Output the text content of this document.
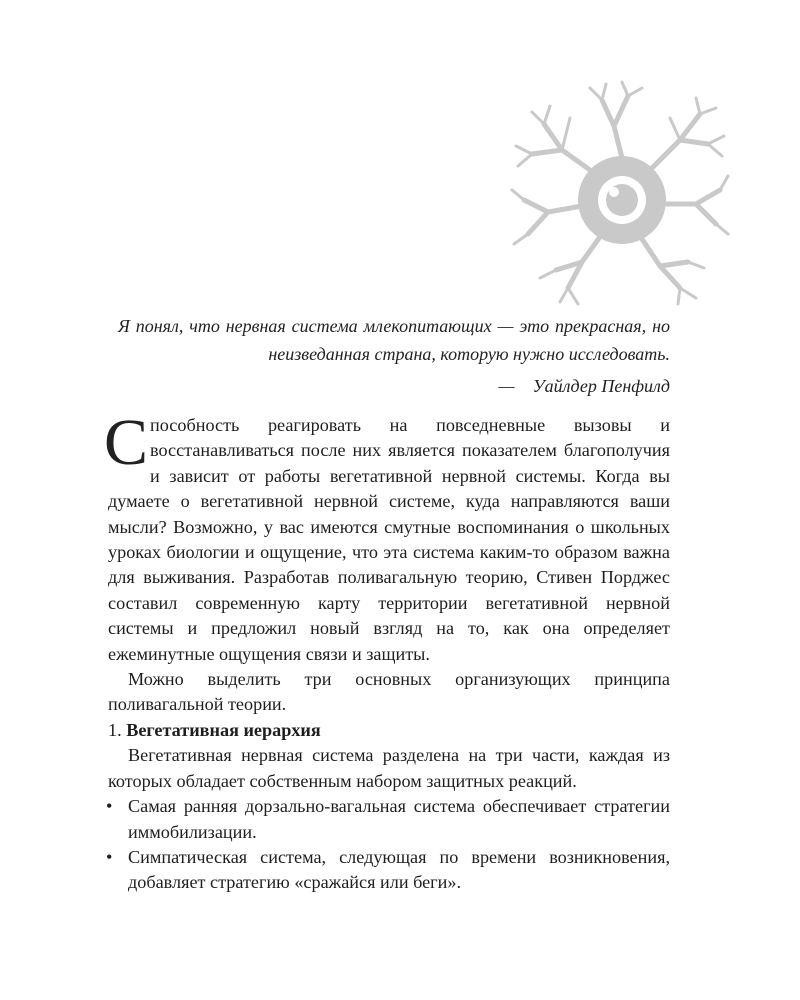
Я понял, что нервная система млекопитающих — это прекрасная, но неизведанная страна, которую нужно исследовать.

— Уайлдер Пенфилд

Способность реагировать на повседневные вызовы и восстанавливаться после них является показателем благополучия и зависит от работы вегетативной нервной системы. Когда вы думаете о вегетативной нервной системе, куда направляются ваши мысли? Возможно, у вас имеются смутные воспоминания о школьных уроках биологии и ощущение, что эта система каким-то образом важна для выживания. Разработав поливагальную теорию, Стивен Порджес составил современную карту территории вегетативной нервной системы и предложил новый взгляд на то, как она определяет ежеминутные ощущения связи и защиты.

Можно выделить три основных организующих принципа поливагальной теории.

1. Вегетативная иерархия

Вегетативная нервная система разделена на три части, каждая из которых обладает собственным набором защитных реакций.

• Самая ранняя дорзально-вагальная система обеспечивает стратегии иммобилизации.
• Симпатическая система, следующая по времени возникновения, добавляет стратегию «сражайся или беги».
